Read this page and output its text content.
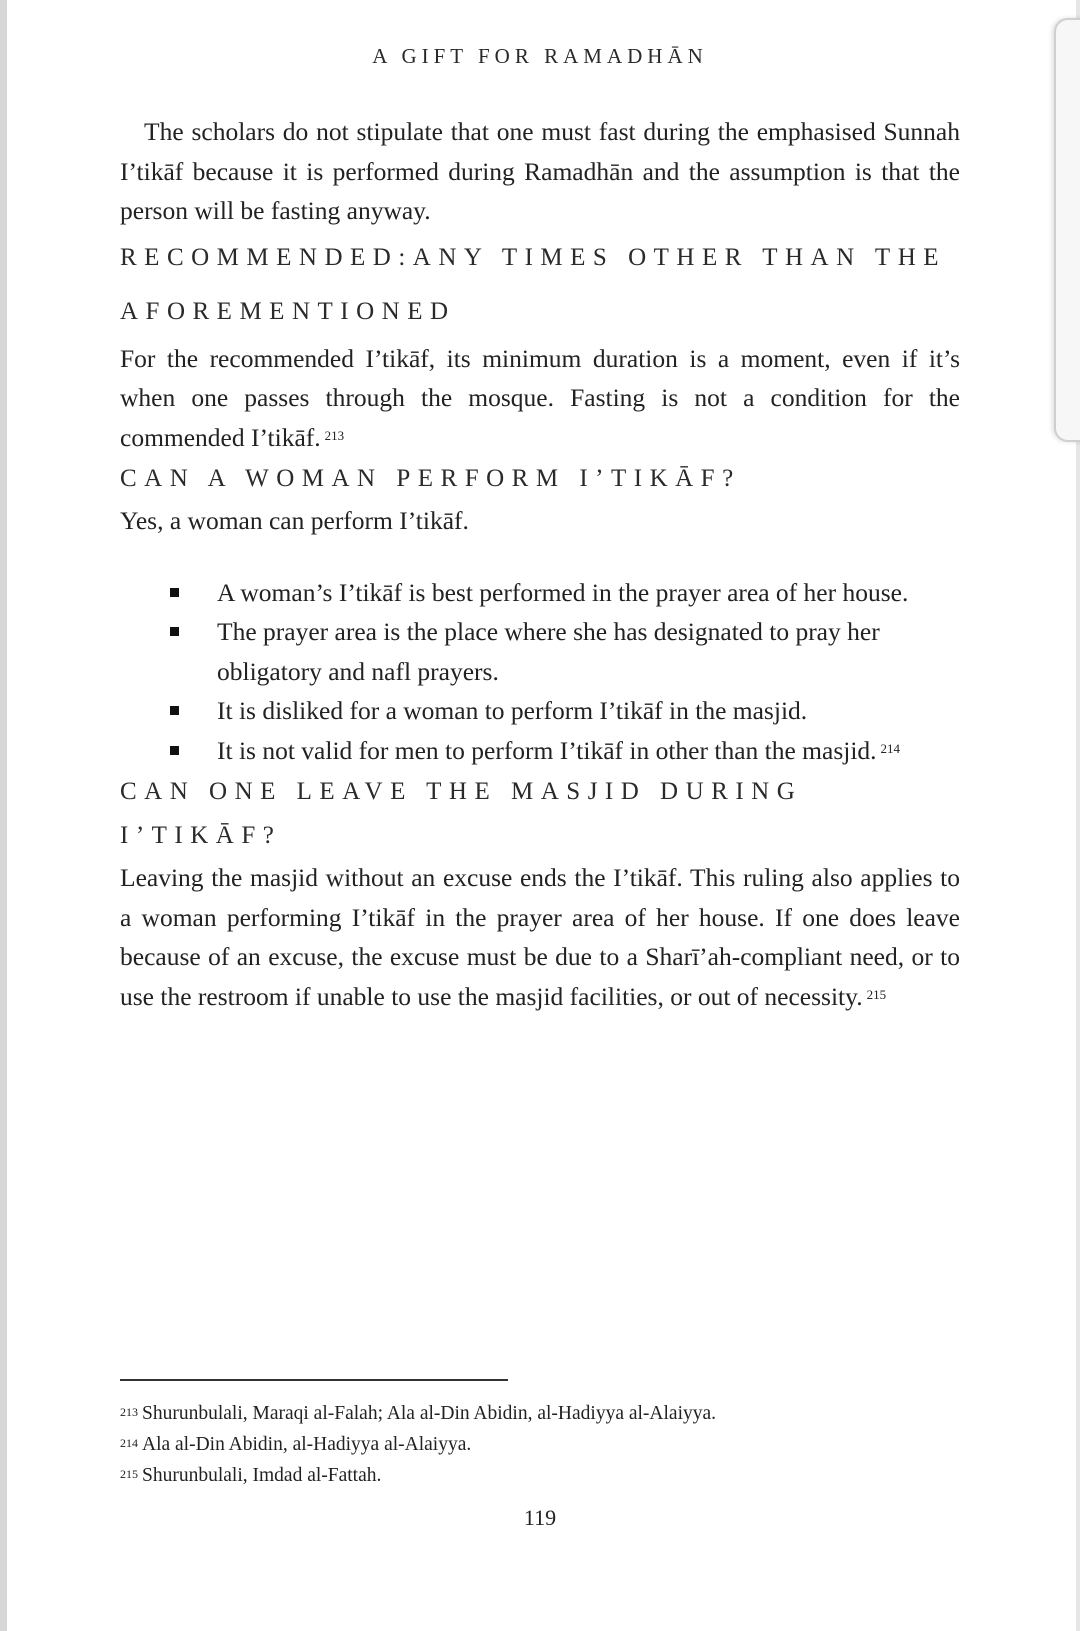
A GIFT FOR RAMADHĀN

The scholars do not stipulate that one must fast during the emphasised Sunnah I’tikāf because it is performed during Ramadhān and the assumption is that the person will be fasting anyway.

RECOMMENDED:ANY TIMES OTHER THAN THE AFOREMENTIONED

For the recommended I’tikāf, its minimum duration is a moment, even if it’s when one passes through the mosque. Fasting is not a condition for the commended I’tikāf. $^{213}$

CAN A WOMAN PERFORM I’TIKĀF?

Yes, a woman can perform I’tikāf.

A woman’s I’tikāf is best performed in the prayer area of her house.
The prayer area is the place where she has designated to pray her obligatory and nafl prayers.
It is disliked for a woman to perform I’tikāf in the masjid.
It is not valid for men to perform I’tikāf in other than the masjid. $^{214}$
CAN ONE LEAVE THE MASJID DURING I’TIKĀF?

Leaving the masjid without an excuse ends the I’tikāf. This ruling also applies to a woman performing I’tikāf in the prayer area of her house. If one does leave because of an excuse, the excuse must be due to a Sharī’ah-compliant need, or to use the restroom if unable to use the masjid facilities, or out of necessity. $^{215}$

$^{213}$ Shurunbulali, Maraqi al-Falah; Ala al-Din Abidin, al-Hadiyya al-Alaiyya.
$^{214}$ Ala al-Din Abidin, al-Hadiyya al-Alaiyya.
$^{215}$ Shurunbulali, Imdad al-Fattah.
119
